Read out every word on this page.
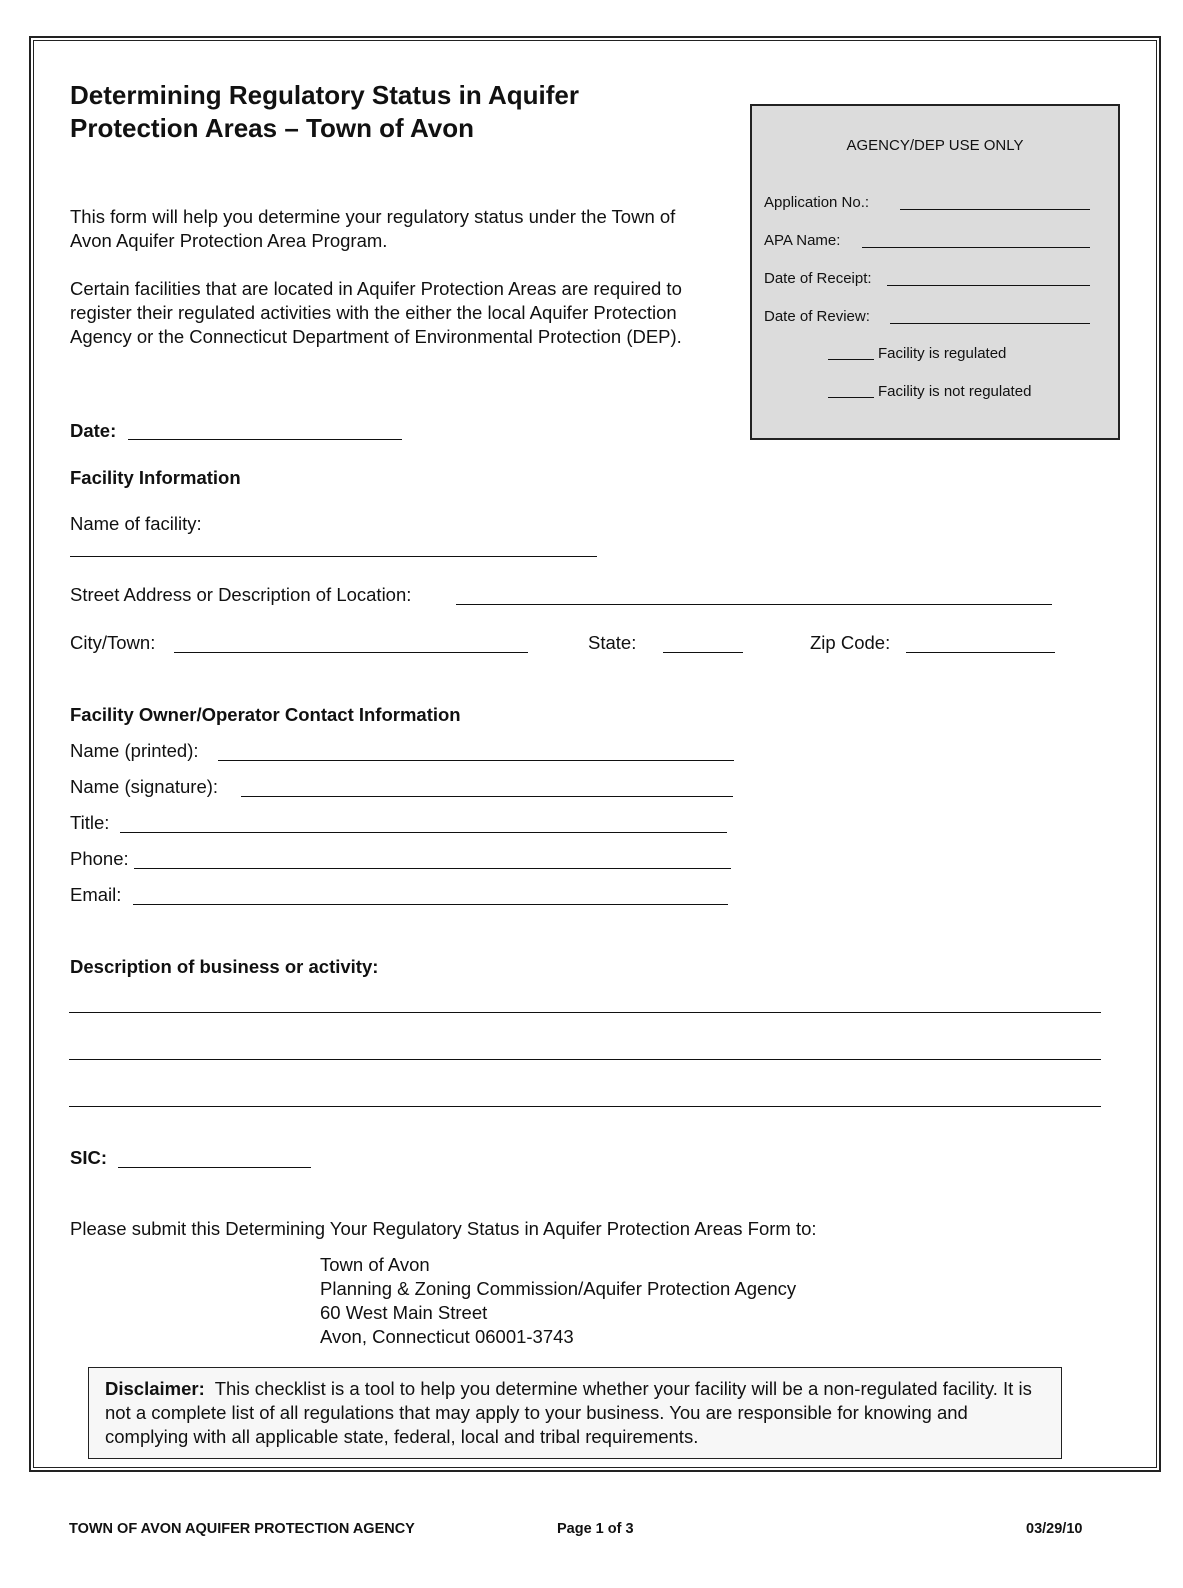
Determining Regulatory Status in Aquifer Protection Areas – Town of Avon
This form will help you determine your regulatory status under the Town of Avon Aquifer Protection Area Program.
Certain facilities that are located in Aquifer Protection Areas are required to register their regulated activities with the either the local Aquifer Protection Agency or the Connecticut Department of Environmental Protection (DEP).
AGENCY/DEP USE ONLY
Application No.:
APA Name:
Date of Receipt:
Date of Review:
Facility is regulated
Facility is not regulated
Date:
Facility Information
Name of facility:
Street Address or Description of Location:
City/Town:	State:	Zip Code:
Facility Owner/Operator Contact Information
Name (printed):
Name (signature):
Title:
Phone:
Email:
Description of business or activity:
SIC:
Please submit this Determining Your Regulatory Status in Aquifer Protection Areas Form to:
Town of Avon
Planning & Zoning Commission/Aquifer Protection Agency
60 West Main Street
Avon, Connecticut 06001-3743
Disclaimer: This checklist is a tool to help you determine whether your facility will be a non-regulated facility. It is not a complete list of all regulations that may apply to your business. You are responsible for knowing and complying with all applicable state, federal, local and tribal requirements.
TOWN OF AVON AQUIFER PROTECTION AGENCY	Page 1 of 3	03/29/10
